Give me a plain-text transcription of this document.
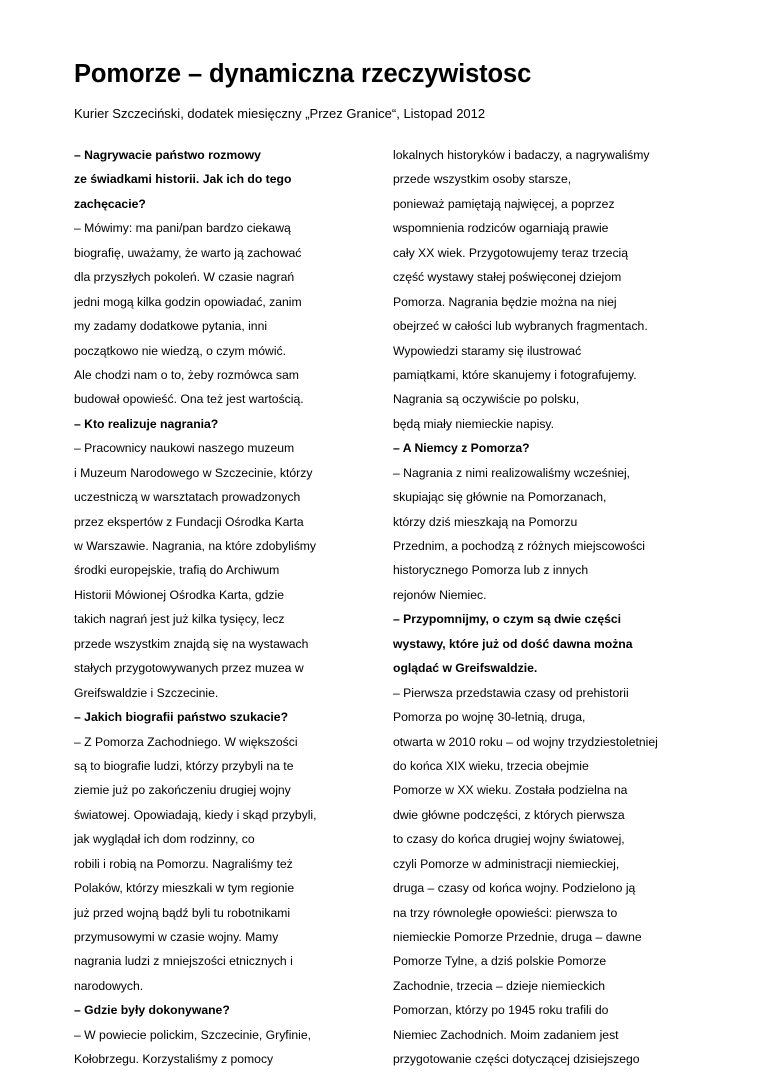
Pomorze – dynamiczna rzeczywistosc

Kurier Szczeciński, dodatek miesięczny „Przez Granice“, Listopad 2012

– Nagrywacie państwo rozmowy
ze świadkami historii. Jak ich do tego
zachęcacie?
– Mówimy: ma pani/pan bardzo ciekawą
biografię, uważamy, że warto ją zachować
dla przyszłych pokoleń. W czasie nagrań
jedni mogą kilka godzin opowiadać, zanim
my zadamy dodatkowe pytania, inni
początkowo nie wiedzą, o czym mówić.
Ale chodzi nam o to, żeby rozmówca sam
budował opowieść. Ona też jest wartością.
– Kto realizuje nagrania?
– Pracownicy naukowi naszego muzeum
i Muzeum Narodowego w Szczecinie, którzy
uczestniczą w warsztatach prowadzonych
przez ekspertów z Fundacji Ośrodka Karta
w Warszawie. Nagrania, na które zdobyliśmy
środki europejskie, trafią do Archiwum
Historii Mówionej Ośrodka Karta, gdzie
takich nagrań jest już kilka tysięcy, lecz
przede wszystkim znajdą się na wystawach
stałych przygotowywanych przez muzea w
Greifswaldzie i Szczecinie.
– Jakich biografii państwo szukacie?
– Z Pomorza Zachodniego. W większości
są to biografie ludzi, którzy przybyli na te
ziemie już po zakończeniu drugiej wojny
światowej. Opowiadają, kiedy i skąd przybyli,
jak wyglądał ich dom rodzinny, co
robili i robią na Pomorzu. Nagraliśmy też
Polaków, którzy mieszkali w tym regionie
już przed wojną bądź byli tu robotnikami
przymusowymi w czasie wojny. Mamy
nagrania ludzi z mniejszości etnicznych i
narodowych.
– Gdzie były dokonywane?
– W powiecie polickim, Szczecinie, Gryfinie,
Kołobrzegu. Korzystaliśmy z pomocy
lokalnych historyków i badaczy, a nagrywaliśmy
przede wszystkim osoby starsze,
ponieważ pamiętają najwięcej, a poprzez
wspomnienia rodziców ogarniają prawie
cały XX wiek. Przygotowujemy teraz trzecią
część wystawy stałej poświęconej dziejom
Pomorza. Nagrania będzie można na niej
obejrzeć w całości lub wybranych fragmentach.
Wypowiedzi staramy się ilustrować
pamiątkami, które skanujemy i fotografujemy.
Nagrania są oczywiście po polsku,
będą miały niemieckie napisy.
– A Niemcy z Pomorza?
– Nagrania z nimi realizowaliśmy wcześniej,
skupiając się głównie na Pomorzanach,
którzy dziś mieszkają na Pomorzu
Przednim, a pochodzą z różnych miejscowości
historycznego Pomorza lub z innych
rejonów Niemiec.
– Przypomnijmy, o czym są dwie części
wystawy, które już od dość dawna można
oglądać w Greifswaldzie.
– Pierwsza przedstawia czasy od prehistorii
Pomorza po wojnę 30-letnią, druga,
otwarta w 2010 roku – od wojny trzydziestoletniej
do końca XIX wieku, trzecia obejmie
Pomorze w XX wieku. Została podzielna na
dwie główne podczęści, z których pierwsza
to czasy do końca drugiej wojny światowej,
czyli Pomorze w administracji niemieckiej,
druga – czasy od końca wojny. Podzielono ją
na trzy równoległe opowieści: pierwsza to
niemieckie Pomorze Przednie, druga – dawne
Pomorze Tylne, a dziś polskie Pomorze
Zachodnie, trzecia – dzieje niemieckich
Pomorzan, którzy po 1945 roku trafili do
Niemiec Zachodnich. Moim zadaniem jest
przygotowanie części dotyczącej dzisiejszego
